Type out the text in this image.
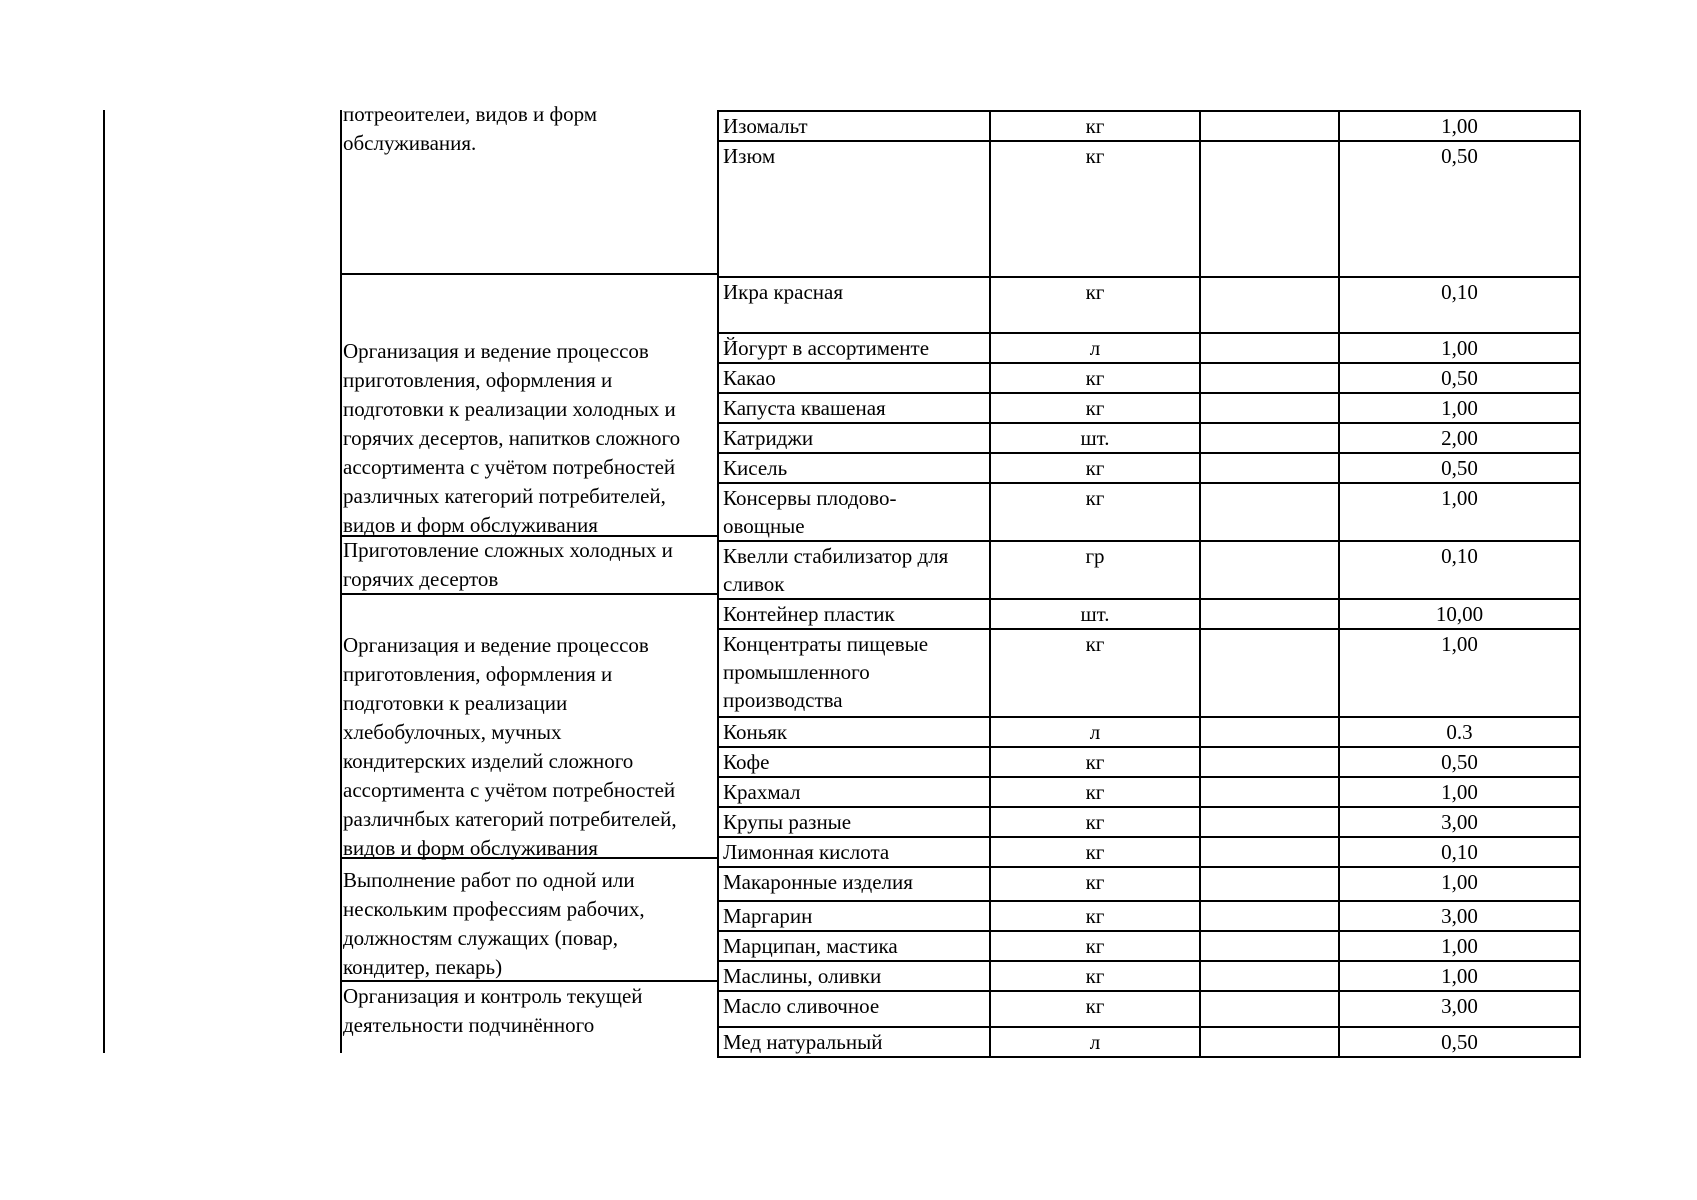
потреоителеи, видов и форм
обслуживания.
Организация и ведение процессов
приготовления, оформления и
подготовки к реализации холодных и
горячих десертов, напитков сложного
ассортимента с учётом потребностей
различных категорий потребителей,
видов и форм обслуживания
Приготовление сложных холодных и
горячих десертов
Организация и ведение процессов
приготовления, оформления и
подготовки к реализации
хлебобулочных, мучных
кондитерских изделий сложного
ассортимента с учётом потребностей
различнбых категорий потребителей,
видов и форм обслуживания
Выполнение работ по одной или
нескольким профессиям рабочих,
должностям служащих (повар,
кондитер, пекарь)
Организация и контроль текущей
деятельности подчинённого
Изомальт	кг		1,00
Изюм	кг		0,50
Икра красная	кг		0,10
Йогурт в ассортименте	л		1,00
Какао	кг		0,50
Капуста квашеная	кг		1,00
Катриджи	шт.		2,00
Кисель	кг		0,50
Консервы плодово-
овощные	кг		1,00
Квелли стабилизатор для
сливок	гр		0,10
Контейнер пластик	шт.		10,00
Концентраты пищевые
промышленного
производства	кг		1,00
Коньяк	л		0.3
Кофе	кг		0,50
Крахмал	кг		1,00
Крупы разные	кг		3,00
Лимонная кислота	кг		0,10
Макаронные изделия	кг		1,00
Маргарин	кг		3,00
Марципан, мастика	кг		1,00
Маслины, оливки	кг		1,00
Масло сливочное	кг		3,00
Мед натуральный	л		0,50
